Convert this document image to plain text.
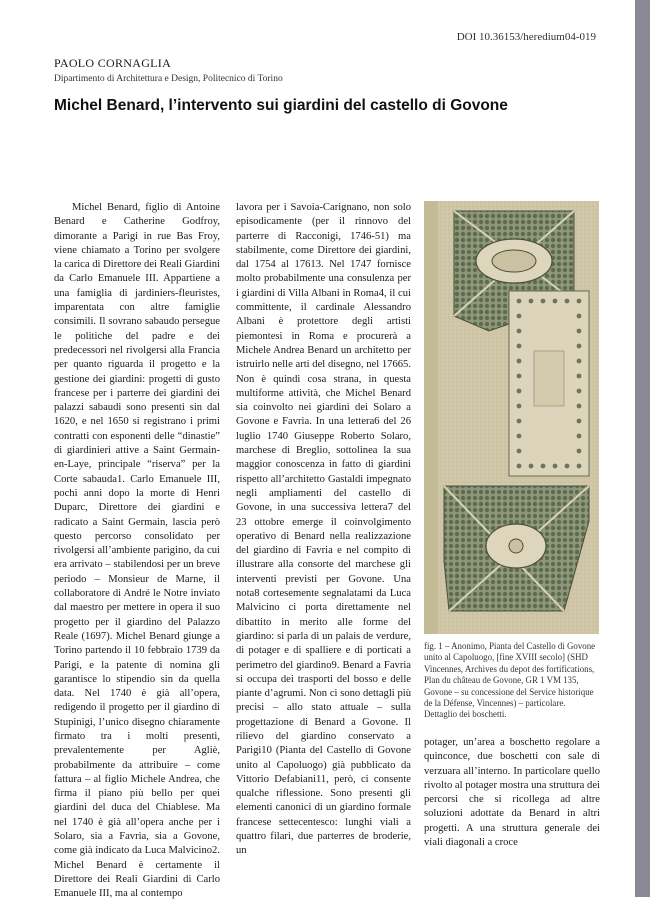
DOI 10.36153/heredium04-019
PAOLO CORNAGLIA
Dipartimento di Architettura e Design, Politecnico di Torino
Michel Benard, l’intervento sui giardini del castello di Govone

Michel Benard, figlio di Antoine Benard e Catherine Godfroy, dimorante a Parigi in rue Bas Froy, viene chiamato a Torino per svolgere la carica di Direttore dei Reali Giardini da Carlo Emanuele III. Appartiene a una famiglia di jardiniers-fleuristes, imparentata con altre famiglie consimili. Il sovrano sabaudo persegue le politiche del padre e dei predecessori nel rivolgersi alla Francia per quanto riguarda il progetto e la gestione dei giardini: progetti di gusto francese per i parterre dei giardini dei palazzi sabaudi sono presenti sin dal 1620, e nel 1650 si registrano i primi contratti con esponenti delle “dinastie” di giardinieri attive a Saint Germain-en-Laye, principale “riserva” per la Corte sabauda1. Carlo Emanuele III, pochi anni dopo la morte di Henri Duparc, Direttore dei giardini e radicato a Saint Germain, lascia però questo percorso consolidato per rivolgersi all’ambiente parigino, da cui era arrivato – stabilendosi per un breve periodo – Monsieur de Marne, il collaboratore di André le Notre inviato dal maestro per mettere in opera il suo progetto per il giardino del Palazzo Reale (1697). Michel Benard giunge a Torino partendo il 10 febbraio 1739 da Parigi, e la patente di nomina gli garantisce lo stipendio sin da quella data. Nel 1740 è già all’opera, redigendo il progetto per il giardino di Stupinigi, l’unico disegno chiaramente firmato tra i molti presenti, prevalentemente per Agliè, probabilmente da attribuire – come fattura – al figlio Michele Andrea, che firma il piano più bello per quei giardini del duca del Chiablese. Ma nel 1740 è già all’opera anche per i Solaro, sia a Favria, sia a Govone, come già indicato da Luca Malvicino2. Michel Benard è certamente il Direttore dei Reali Giardini di Carlo Emanuele III, ma al contempo

lavora per i Savoia-Carignano, non solo episodicamente (per il rinnovo del parterre di Racconigi, 1746-51) ma stabilmente, come Direttore dei giardini, dal 1754 al 17613. Nel 1747 fornisce molto probabilmente una consulenza per i giardini di Villa Albani in Roma4, il cui committente, il cardinale Alessandro Albani è protettore degli artisti piemontesi in Roma e procurerà a Michele Andrea Benard un architetto per istruirlo nelle arti del disegno, nel 17665. Non è quindi cosa strana, in questa multiforme attività, che Michel Benard sia coinvolto nei giardini dei Solaro a Govone e Favria. In una lettera6 del 26 luglio 1740 Giuseppe Roberto Solaro, marchese di Breglio, sottolinea la sua maggior conoscenza in fatto di giardini rispetto all’architetto Gastaldi impegnato negli ampliamenti del castello di Govone, in una successiva lettera7 del 23 ottobre emerge il coinvolgimento operativo di Benard nella realizzazione del giardino di Favria e nel compito di illustrare alla consorte del marchese gli interventi previsti per Govone. Una nota8 cortesemente segnalatami da Luca Malvicino ci porta direttamente nel dibattito in merito alle forme del giardino: si parla di un palais de verdure, di potager e di spalliere e di porticati a perimetro del giardino9. Benard a Favria si occupa dei trasporti del bosso e delle piante d’agrumi. Non ci sono dettagli più precisi – allo stato attuale – sulla progettazione di Benard a Govone. Il rilievo del giardino conservato a Parigi10 (Pianta del Castello di Govone unito al Capoluogo) già pubblicato da Vittorio Defabiani11, però, ci consente qualche riflessione. Sono presenti gli elementi canonici di un giardino formale francese settecentesco: lunghi viali a quattro filari, due parterres de broderie, un

fig. 1 – Anonimo, Pianta del Castello di Govone unito al Capoluogo, [fine XVIII secolo] (SHD Vincennes, Archives du depot des fortifications, Plan du château de Govone, GR 1 VM 135, Govone – su concessione del Service historique de la Défense, Vincennes) – particolare. Dettaglio dei boschetti.

potager, un’area a boschetto regolare a quinconce, due boschetti con sale di verzuara all’interno. In particolare quello rivolto al potager mostra una struttura dei percorsi che si ricollega ad altre soluzioni adottate da Benard in altri progetti. A una struttura generale dei viali diagonali a croce
